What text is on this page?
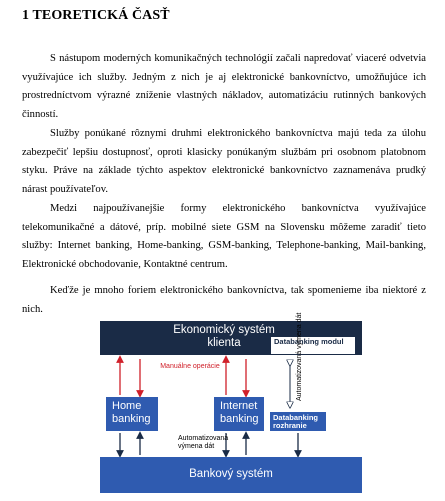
1 TEORETICKÁ ČASŤ

S nástupom moderných komunikačných technológií začali napredovať viaceré odvetvia využívajúce ich služby. Jedným z nich je aj elektronické bankovníctvo, umožňujúce ich prostredníctvom výrazné zníženie vlastných nákladov, automatizáciu rutinných bankových činností.

Služby ponúkané rôznymi druhmi elektronického bankovníctva majú teda za úlohu zabezpečiť lepšiu dostupnosť, oproti klasicky ponúkaným službám pri osobnom platobnom styku. Práve na základe týchto aspektov elektronické bankovníctvo zaznamenáva prudký nárast používateľov.

Medzi najpoužívanejšie formy elektronického bankovníctva využívajúce telekomunikačné a dátové, príp. mobilné siete GSM na Slovensku môžeme zaradiť tieto služby: Internet banking, Home-banking, GSM-banking, Telephone-banking, Mail-banking, Elektronické obchodovanie, Kontaktné centrum.

Keďže je mnoho foriem elektronického bankovníctva, tak spomenieme iba niektoré z nich.

Ekonomický systém klienta	Databanking modul
Manuálne operácie
Home banking
Internet banking	Databanking rozhranie
Automatizovaná výmena dát
Automatizovaná výmena dát
Bankový systém
